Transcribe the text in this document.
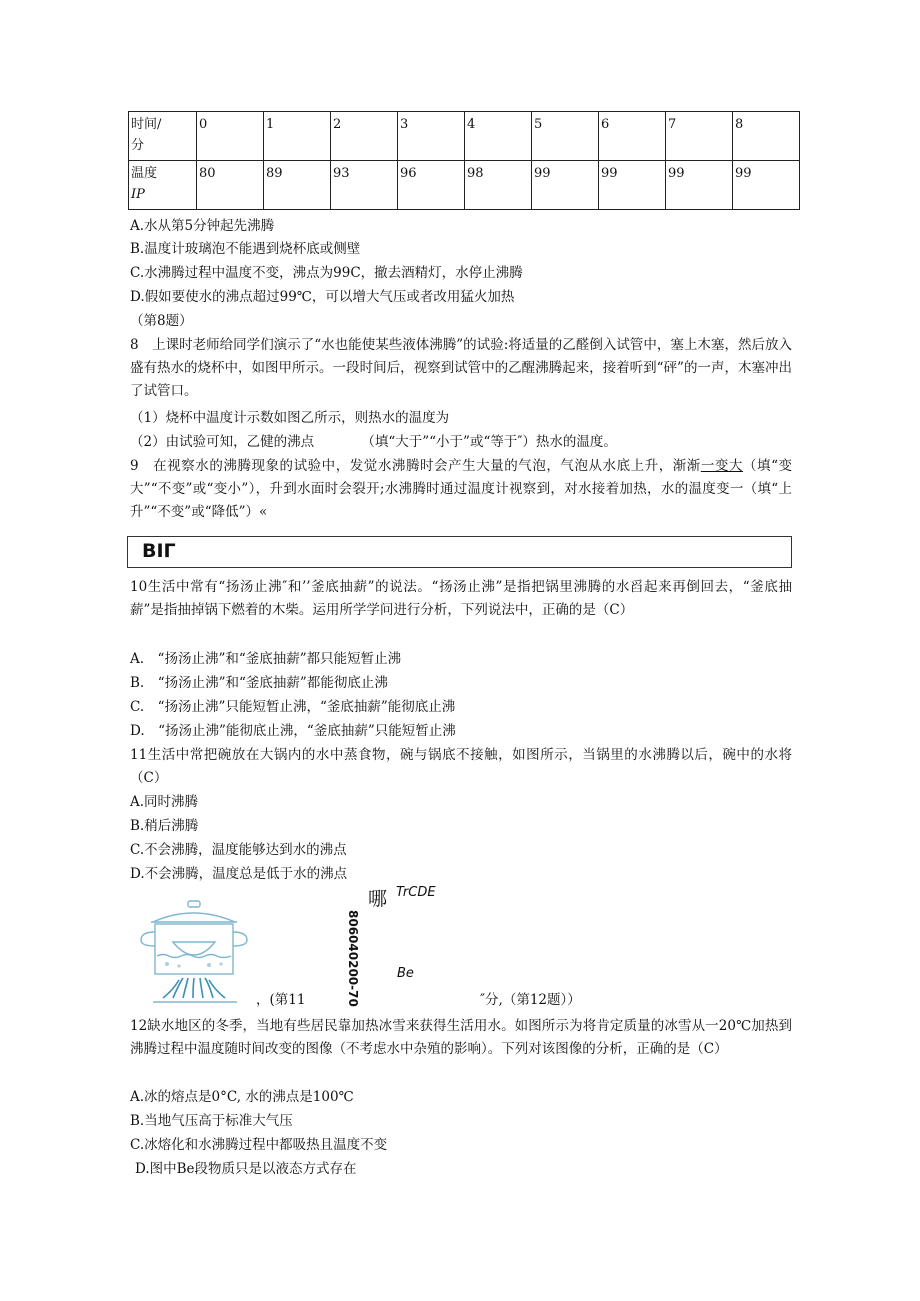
时间/
分	0	1	2	3	4	5	6	7	8
温度
IP	80	89	93	96	98	99	99	99	99
A.水从第5分钟起先沸腾
B.温度计玻璃泡不能遇到烧杯底或侧壁
C.水沸腾过程中温度不变，沸点为99C，撤去酒精灯，水停止沸腾
D.假如要使水的沸点超过99℃，可以增大气压或者改用猛火加热
（第8题）
8　上课时老师给同学们演示了“水也能使某些液体沸腾”的试验:将适量的乙醛倒入试管中，塞上木塞，然后放入盛有热水的烧杯中，如图甲所示。一段时间后，视察到试管中的乙醒沸腾起来，接着听到“砰”的一声，木塞冲出了试管口。
（1）烧杯中温度计示数如图乙所示，则热水的温度为
（2）由试验可知，乙健的沸点　　　　（填“大于”“小于”或“等于″）热水的温度。
9　在视察水的沸腾现象的试验中，发觉水沸腾时会产生大量的气泡，气泡从水底上升，渐渐一变大（填“变大”“不变”或“变小”），升到水面时会裂开;水沸腾时通过温度计视察到，对水接着加热，水的温度变一（填“上升”“不变”或“降低”）«
BIΓ
10生活中常有“扬汤止沸″和’’釜底抽薪”的说法。“扬汤止沸”是指把锅里沸腾的水舀起来再倒回去，“釜底抽薪”是指抽掉锅下燃着的木柴。运用所学学问进行分析，下列说法中，正确的是（C）
A.　“扬汤止沸”和“釜底抽薪”都只能短暂止沸
B.　“扬汤止沸”和“釜底抽薪”都能彻底止沸
C.　“扬汤止沸”只能短暂止沸，“釜底抽薪”能彻底止沸
D.　“扬汤止沸”能彻底止沸，“釜底抽薪”只能短暂止沸
11生活中常把碗放在大锅内的水中蒸食物，碗与锅底不接触，如图所示，当锅里的水沸腾以后，碗中的水将（C）
A.同时沸腾
B.稍后沸腾
C.不会沸腾，温度能够达到水的沸点
D.不会沸腾，温度总是低于水的沸点
，(第11
哪 TrCDE
806040200-70	Be
″分,（第12题））
12缺水地区的冬季，当地有些居民靠加热冰雪来获得生活用水。如图所示为将肯定质量的冰雪从一20℃加热到沸腾过程中温度随时间改变的图像（不考虑水中杂殖的影响）。下列对该图像的分析，正确的是（C）
A.冰的熔点是0°C, 水的沸点是100℃
B.当地气压高于标准大气压
C.冰熔化和水沸腾过程中都吸热且温度不变
D.图中Be段物质只是以液态方式存在
